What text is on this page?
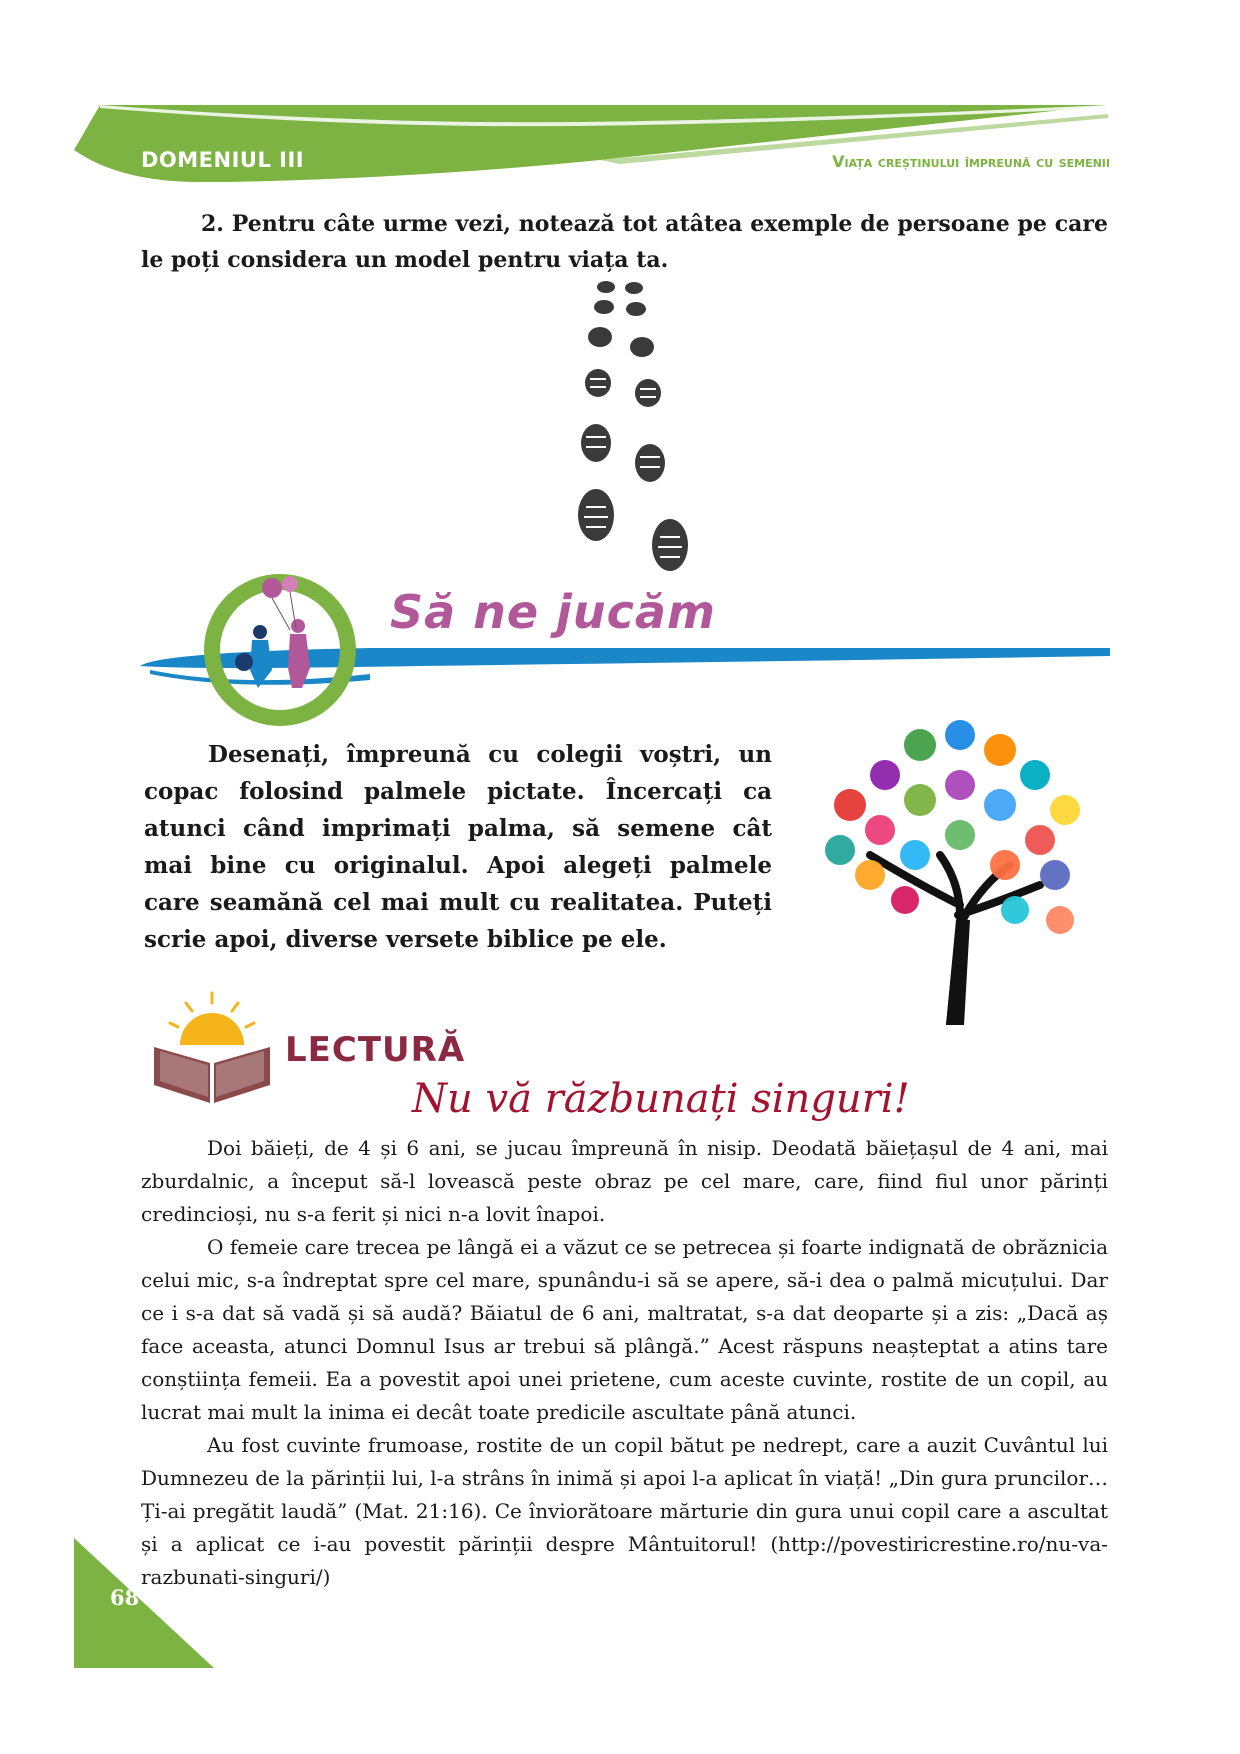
DOMENIUL III	Viața creștinului împreună cu semenii
2. Pentru câte urme vezi, notează tot atâtea exemple de persoane pe care le poți considera un model pentru viața ta.
Să ne jucăm
Desenați, împreună cu colegii voștri, un copac folosind palmele pictate. Încercați ca atunci când imprimați palma, să semene cât mai bine cu originalul. Apoi alegeți palmele care seamănă cel mai mult cu realitatea. Puteți scrie apoi, diverse versete biblice pe ele.
LECTURĂ
Nu vă răzbunați singuri!

Doi băieți, de 4 și 6 ani, se jucau împreună în nisip. Deodată băiețașul de 4 ani, mai zburdalnic, a început să-l lovească peste obraz pe cel mare, care, fiind fiul unor părinți credincioși, nu s-a ferit și nici n-a lovit înapoi.

O femeie care trecea pe lângă ei a văzut ce se petrecea și foarte indignată de obrăznicia celui mic, s-a îndreptat spre cel mare, spunându-i să se apere, să-i dea o palmă micuțului. Dar ce i s-a dat să vadă și să audă? Băiatul de 6 ani, maltratat, s-a dat deoparte și a zis: „Dacă aș face aceasta, atunci Domnul Isus ar trebui să plângă.” Acest răspuns neașteptat a atins tare conștiința femeii. Ea a povestit apoi unei prietene, cum aceste cuvinte, rostite de un copil, au lucrat mai mult la inima ei decât toate predicile ascultate până atunci.

Au fost cuvinte frumoase, rostite de un copil bătut pe nedrept, care a auzit Cuvântul lui Dumnezeu de la părinții lui, l-a strâns în inimă și apoi l-a aplicat în viață! „Din gura pruncilor… Ți-ai pregătit laudă” (Mat. 21:16). Ce înviorătoare mărturie din gura unui copil care a ascultat și a aplicat ce i-au povestit părinții despre Mântuitorul! (http://povestiricrestine.ro/nu-va-razbunati-singuri/)

68
